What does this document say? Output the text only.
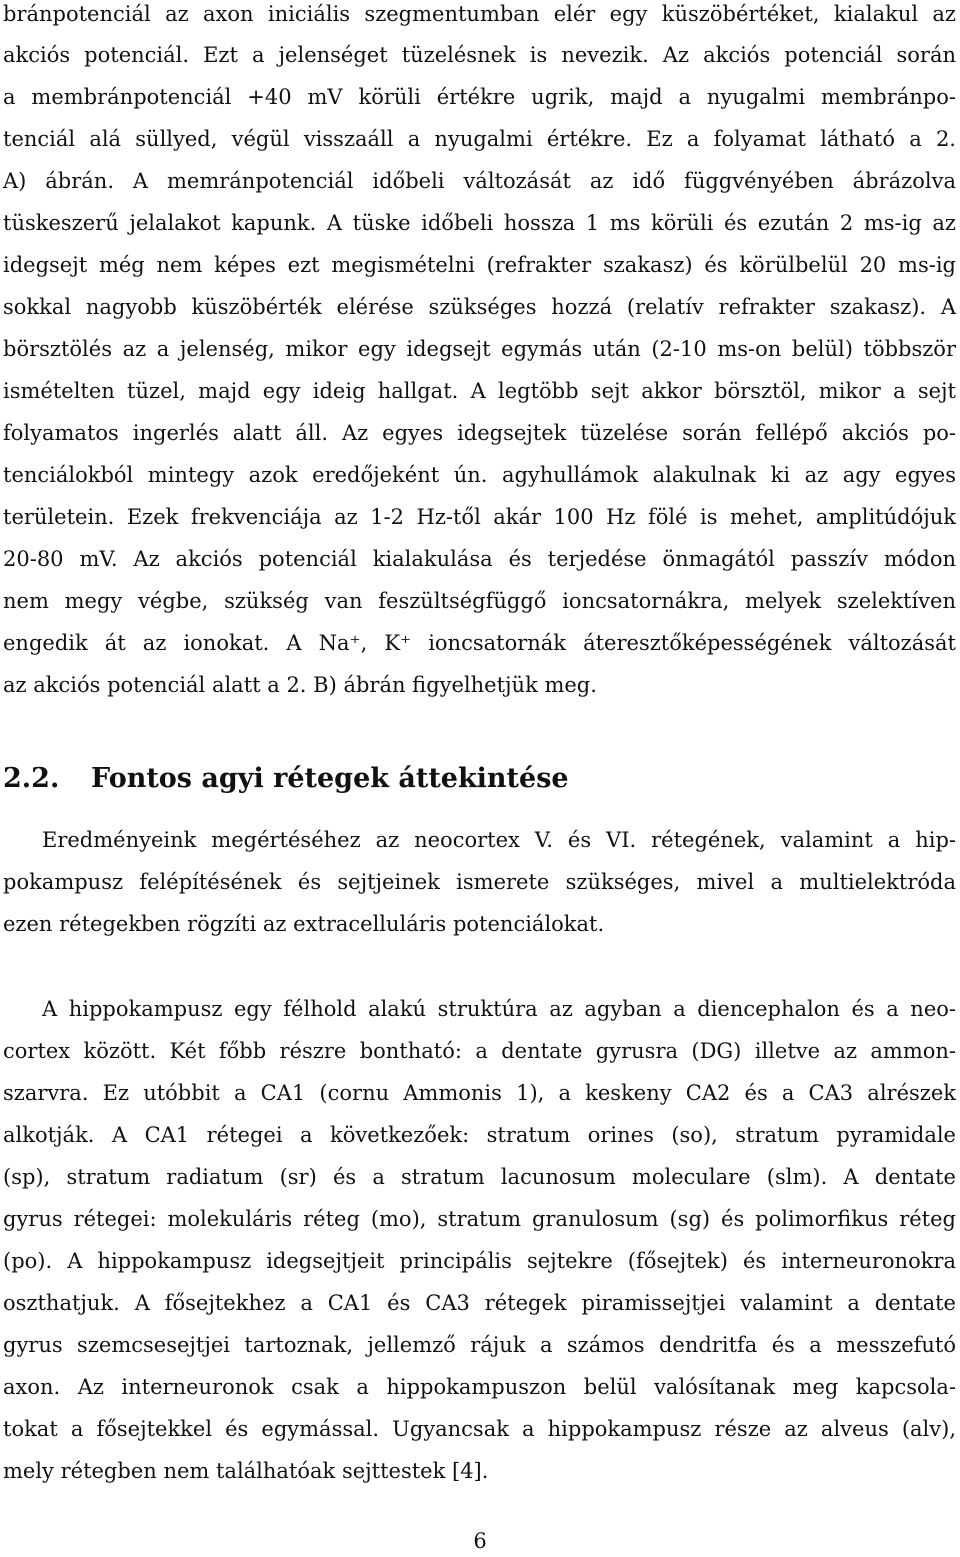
bránpotenciál az axon iniciális szegmentumban elér egy küszöbértéket, kialakul az
akciós potenciál. Ezt a jelenséget tüzelésnek is nevezik. Az akciós potenciál során
a membránpotenciál +40 mV körüli értékre ugrik, majd a nyugalmi membránpo-
tenciál alá süllyed, végül visszaáll a nyugalmi értékre. Ez a folyamat látható a 2.
A) ábrán. A memránpotenciál időbeli változását az idő függvényében ábrázolva
tüskeszerű jelalakot kapunk. A tüske időbeli hossza 1 ms körüli és ezután 2 ms-ig az
idegsejt még nem képes ezt megismételni (refrakter szakasz) és körülbelül 20 ms-ig
sokkal nagyobb küszöbérték elérése szükséges hozzá (relatív refrakter szakasz). A
börsztölés az a jelenség, mikor egy idegsejt egymás után (2-10 ms-on belül) többször
ismételten tüzel, majd egy ideig hallgat. A legtöbb sejt akkor börsztöl, mikor a sejt
folyamatos ingerlés alatt áll. Az egyes idegsejtek tüzelése során fellépő akciós po-
tenciálokból mintegy azok eredőjeként ún. agyhullámok alakulnak ki az agy egyes
területein. Ezek frekvenciája az 1-2 Hz-től akár 100 Hz fölé is mehet, amplitúdójuk
20-80 mV. Az akciós potenciál kialakulása és terjedése önmagától passzív módon
nem megy végbe, szükség van feszültségfüggő ioncsatornákra, melyek szelektíven
engedik át az ionokat. A Na⁺, K⁺ ioncsatornák áteresztőképességének változását
az akciós potenciál alatt a 2. B) ábrán figyelhetjük meg.
2.2. Fontos agyi rétegek áttekintése
Eredményeink megértéséhez az neocortex V. és VI. rétegének, valamint a hip-
pokampusz felépítésének és sejtjeinek ismerete szükséges, mivel a multielektróda
ezen rétegekben rögzíti az extracelluláris potenciálokat.
A hippokampusz egy félhold alakú struktúra az agyban a diencephalon és a neo-
cortex között. Két főbb részre bontható: a dentate gyrusra (DG) illetve az ammon-
szarvra. Ez utóbbit a CA1 (cornu Ammonis 1), a keskeny CA2 és a CA3 alrészek
alkotják. A CA1 rétegei a következőek: stratum orines (so), stratum pyramidale
(sp), stratum radiatum (sr) és a stratum lacunosum moleculare (slm). A dentate
gyrus rétegei: molekuláris réteg (mo), stratum granulosum (sg) és polimorfikus réteg
(po). A hippokampusz idegsejtjeit principális sejtekre (fősejtek) és interneuronokra
oszthatjuk. A fősejtekhez a CA1 és CA3 rétegek piramissejtjei valamint a dentate
gyrus szemcsesejtjei tartoznak, jellemző rájuk a számos dendritfa és a messzefutó
axon. Az interneuronok csak a hippokampuszon belül valósítanak meg kapcsola-
tokat a fősejtekkel és egymással. Ugyancsak a hippokampusz része az alveus (alv),
mely rétegben nem találhatóak sejttestek [4].
6
